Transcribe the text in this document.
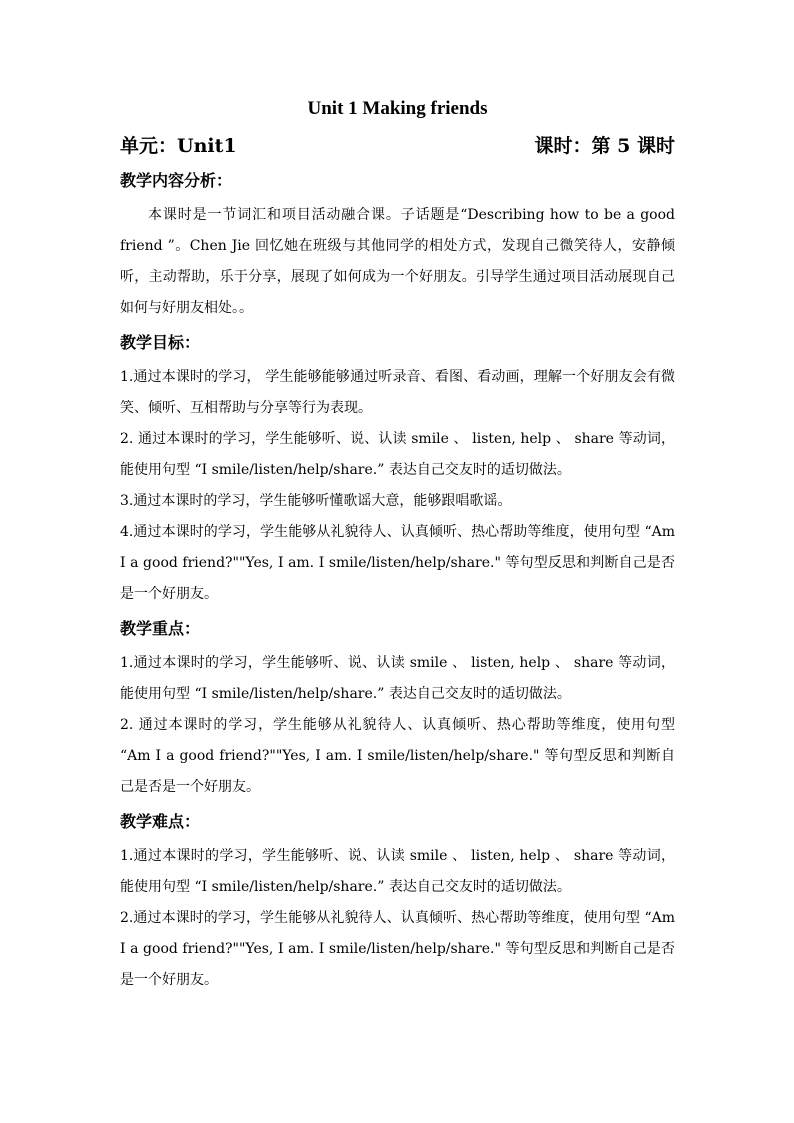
Unit 1 Making friends
单元：Unit1	课时：第 5 课时
教学内容分析：

本课时是一节词汇和项目活动融合课。子话题是“Describing how to be a good friend ”。Chen Jie 回忆她在班级与其他同学的相处方式，发现自己微笑待人，安静倾听，主动帮助，乐于分享，展现了如何成为一个好朋友。引导学生通过项目活动展现自己如何与好朋友相处。。

教学目标：

1.通过本课时的学习， 学生能够能够通过听录音、看图、看动画，理解一个好朋友会有微笑、倾听、互相帮助与分享等行为表现。

2. 通过本课时的学习，学生能够听、说、认读 smile 、 listen, help 、 share 等动词，能使用句型 “I smile/listen/help/share.” 表达自己交友时的适切做法。

3.通过本课时的学习，学生能够听懂歌谣大意，能够跟唱歌谣。

4.通过本课时的学习，学生能够从礼貌待人、认真倾听、热心帮助等维度，使用句型 “Am I a good friend?""Yes, I am. I smile/listen/help/share." 等句型反思和判断自己是否是一个好朋友。

教学重点：

1.通过本课时的学习，学生能够听、说、认读 smile 、 listen, help 、 share 等动词，能使用句型 “I smile/listen/help/share.” 表达自己交友时的适切做法。

2. 通过本课时的学习，学生能够从礼貌待人、认真倾听、热心帮助等维度，使用句型 “Am I a good friend?""Yes, I am. I smile/listen/help/share." 等句型反思和判断自己是否是一个好朋友。

教学难点：

1.通过本课时的学习，学生能够听、说、认读 smile 、 listen, help 、 share 等动词，能使用句型 “I smile/listen/help/share.” 表达自己交友时的适切做法。

2.通过本课时的学习，学生能够从礼貌待人、认真倾听、热心帮助等维度，使用句型 “Am I a good friend?""Yes, I am. I smile/listen/help/share." 等句型反思和判断自己是否是一个好朋友。
